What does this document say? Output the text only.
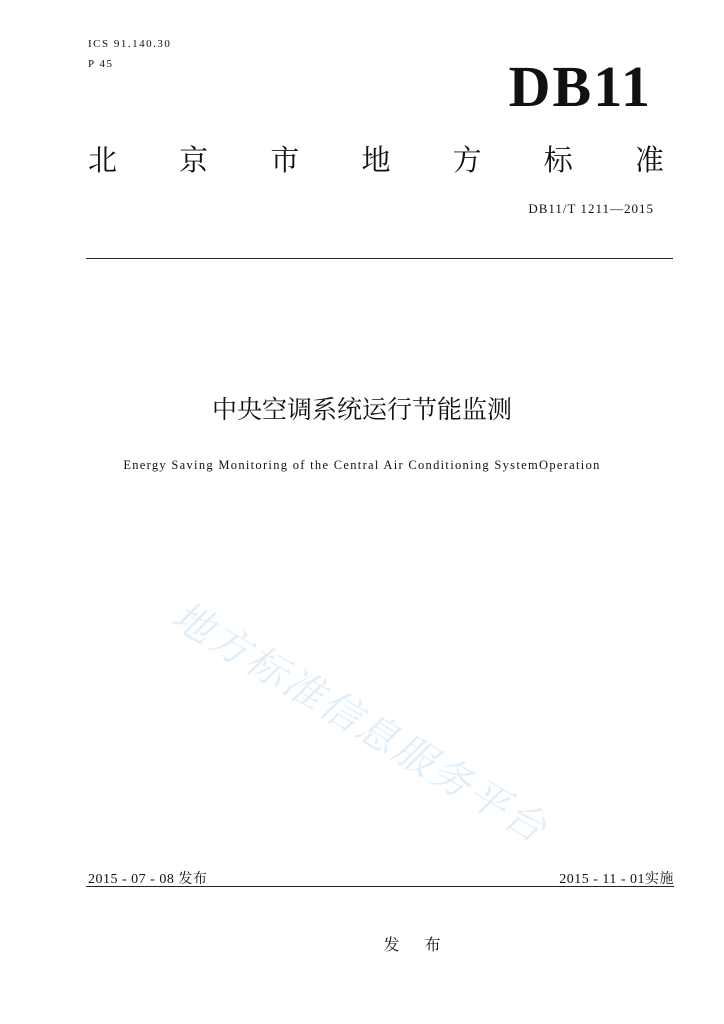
ICS 91.140.30
P 45	DB11
北 京 市 地 方 标 准
DB11/T 1211—2015
中央空调系统运行节能监测
Energy Saving Monitoring of the Central Air Conditioning SystemOperation
地方标准信息服务平台
2015 - 07 - 08 发布	2015 - 11 - 01实施
发 布
